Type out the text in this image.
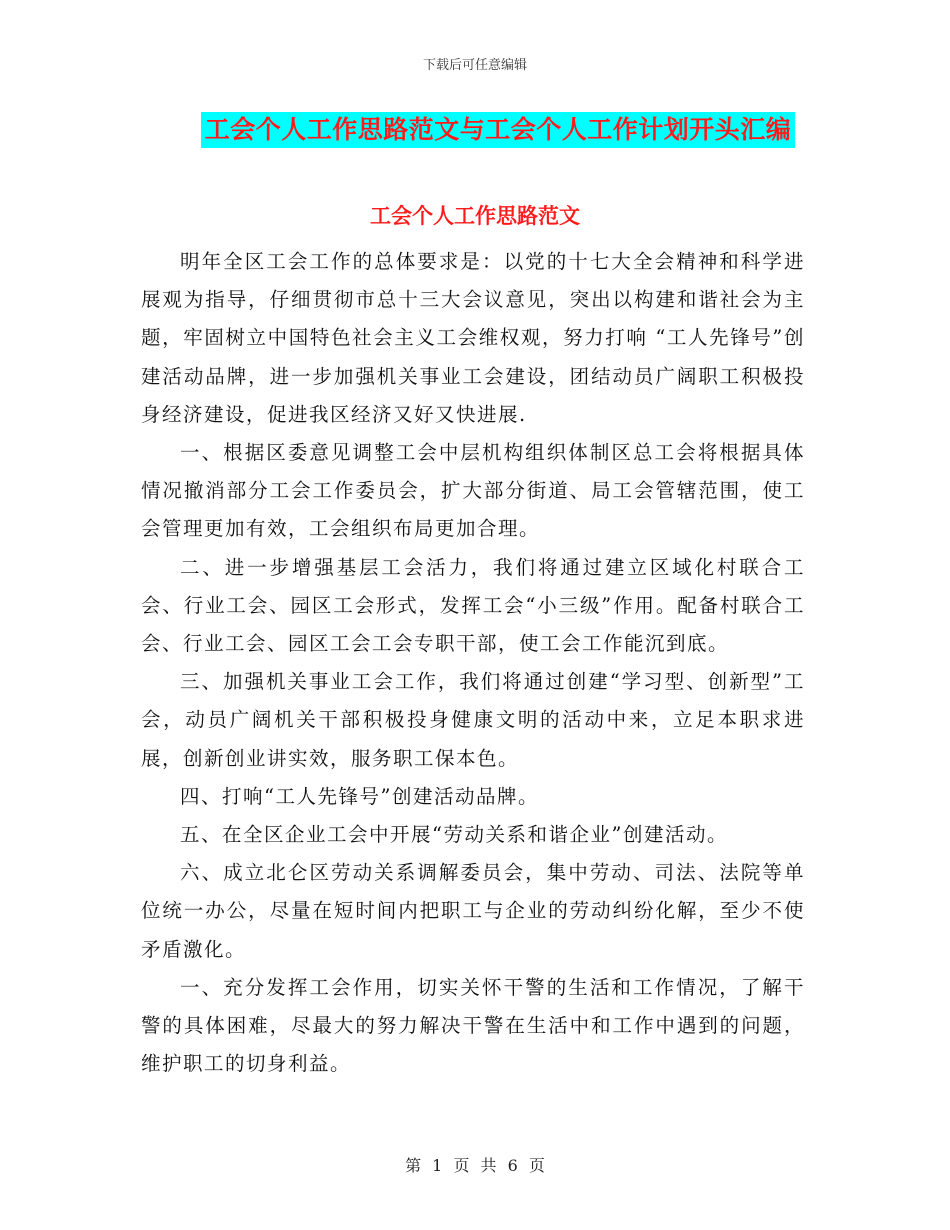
下载后可任意编辑
工会个人工作思路范文与工会个人工作计划开头汇编
工会个人工作思路范文

明年全区工会工作的总体要求是：以党的十七大全会精神和科学进展观为指导，仔细贯彻市总十三大会议意见，突出以构建和谐社会为主题，牢固树立中国特色社会主义工会维权观，努力打响 “工人先锋号”创建活动品牌，进一步加强机关事业工会建设，团结动员广阔职工积极投身经济建设，促进我区经济又好又快进展.

一、根据区委意见调整工会中层机构组织体制区总工会将根据具体情况撤消部分工会工作委员会，扩大部分街道、局工会管辖范围，使工会管理更加有效，工会组织布局更加合理。

二、进一步增强基层工会活力，我们将通过建立区域化村联合工会、行业工会、园区工会形式，发挥工会“小三级”作用。配备村联合工会、行业工会、园区工会工会专职干部，使工会工作能沉到底。

三、加强机关事业工会工作，我们将通过创建“学习型、创新型”工会，动员广阔机关干部积极投身健康文明的活动中来，立足本职求进展，创新创业讲实效，服务职工保本色。

四、打响“工人先锋号”创建活动品牌。

五、在全区企业工会中开展“劳动关系和谐企业”创建活动。

六、成立北仑区劳动关系调解委员会，集中劳动、司法、法院等单位统一办公，尽量在短时间内把职工与企业的劳动纠纷化解，至少不使矛盾激化。

一、充分发挥工会作用，切实关怀干警的生活和工作情况，了解干警的具体困难，尽最大的努力解决干警在生活中和工作中遇到的问题，维护职工的切身利益。

第 1 页 共 6 页
